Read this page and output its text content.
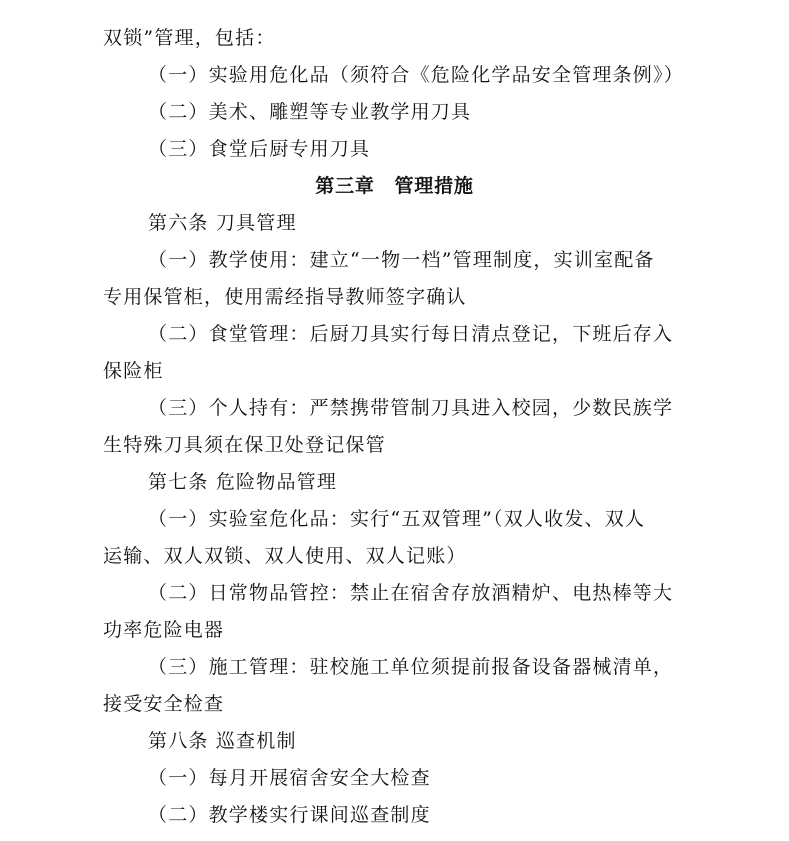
双锁”管理，包括：
（一）实验用危化品（须符合《危险化学品安全管理条例》）
（二）美术、雕塑等专业教学用刀具
（三）食堂后厨专用刀具
第三章　管理措施
第六条 刀具管理
（一）教学使用：建立“一物一档”管理制度，实训室配备
专用保管柜，使用需经指导教师签字确认
（二）食堂管理：后厨刀具实行每日清点登记，下班后存入
保险柜
（三）个人持有：严禁携带管制刀具进入校园，少数民族学
生特殊刀具须在保卫处登记保管
第七条 危险物品管理
（一）实验室危化品：实行“五双管理”（双人收发、双人
运输、双人双锁、双人使用、双人记账）
（二）日常物品管控：禁止在宿舍存放酒精炉、电热棒等大
功率危险电器
（三）施工管理：驻校施工单位须提前报备设备器械清单，
接受安全检查
第八条 巡查机制
（一）每月开展宿舍安全大检查
（二）教学楼实行课间巡查制度
